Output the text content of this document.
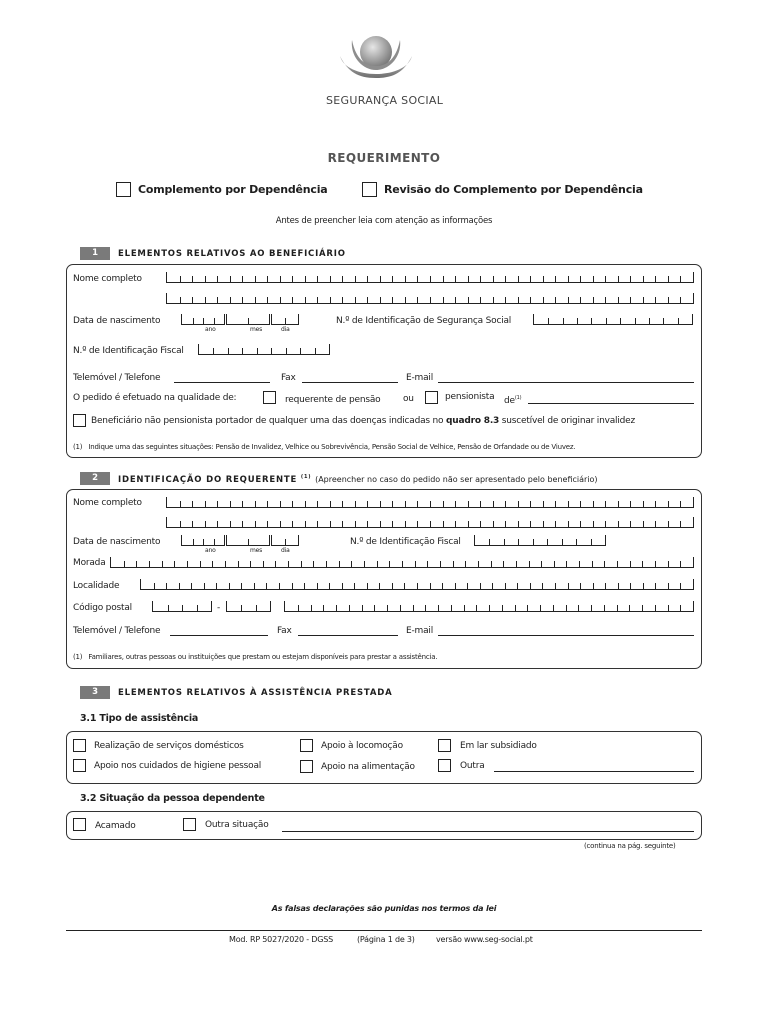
SEGURANÇA SOCIAL
REQUERIMENTO
Complemento por Dependência	Revisão do Complemento por Dependência
Antes de preencher leia com atenção as informações
1	ELEMENTOS RELATIVOS AO BENEFICIÁRIO
Nome completo
Data de nascimento
ano	mes	dia
N.º de Identificação de Segurança Social
N.º de Identificação Fiscal
Telemóvel / Telefone	Fax	E-mail
O pedido é efetuado na qualidade de:	requerente de pensão	ou	pensionista $de^{(1)}$
Beneficiário não pensionista portador de qualquer uma das doenças indicadas no quadro 8.3 suscetível de originar invalidez
(1) Indique uma das seguintes situações: Pensão de Invalidez, Velhice ou Sobrevivência, Pensão Social de Velhice, Pensão de Orfandade ou de Viuvez.
2	IDENTIFICAÇÃO DO REQUERENTE $^{(1)}$ (Apreencher no caso do pedido não ser apresentado pelo beneficiário)
Nome completo
Data de nascimento
ano	mes	dia
N.º de Identificação Fiscal
Morada
Localidade
Código postal	-
Telemóvel / Telefone	Fax	E-mail
(1) Familiares, outras pessoas ou instituições que prestam ou estejam disponíveis para prestar a assistência.
3	ELEMENTOS RELATIVOS À ASSISTÊNCIA PRESTADA
3.1 Tipo de assistência
Realização de serviços domésticos	Apoio à locomoção	Em lar subsidiado
Apoio nos cuidados de higiene pessoal	Apoio na alimentação	Outra
3.2 Situação da pessoa dependente
Acamado	Outra situação
(continua na pág. seguinte)
As falsas declarações são punidas nos termos da lei
Mod. RP 5027/2020 - DGSS	(Página 1 de 3)	versão www.seg-social.pt
